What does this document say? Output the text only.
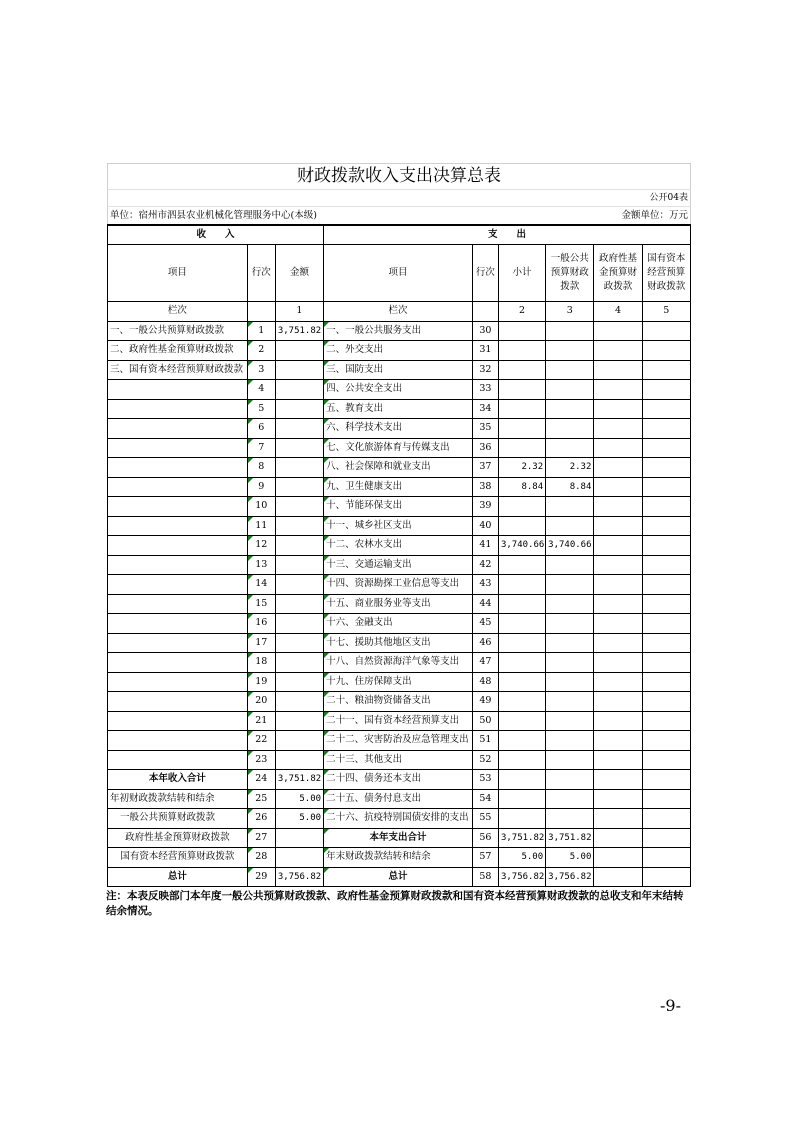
财政拨款收入支出决算总表
公开04表
单位：宿州市泗县农业机械化管理服务中心(本级)	金额单位：万元
收　　入			支　　出					
项目	行次	金额	项目	行次	小计	一般公共预算财政拨款	政府性基金预算财政拨款	国有资本经营预算财政拨款
栏次		1	栏次		2	3	4	5
一、一般公共预算财政拨款	1	3,751.82	一、一般公共服务支出	30				
二、政府性基金预算财政拨款	2		二、外交支出	31				
三、国有资本经营预算财政拨款	3		三、国防支出	32				
	4		四、公共安全支出	33				
	5		五、教育支出	34				
	6		六、科学技术支出	35				
	7		七、文化旅游体育与传媒支出	36				
	8		八、社会保障和就业支出	37	2.32	2.32		
	9		九、卫生健康支出	38	8.84	8.84		
	10		十、节能环保支出	39				
	11		十一、城乡社区支出	40				
	12		十二、农林水支出	41	3,740.66	3,740.66		
	13		十三、交通运输支出	42				
	14		十四、资源勘探工业信息等支出	43				
	15		十五、商业服务业等支出	44				
	16		十六、金融支出	45				
	17		十七、援助其他地区支出	46				
	18		十八、自然资源海洋气象等支出	47				
	19		十九、住房保障支出	48				
	20		二十、粮油物资储备支出	49				
	21		二十一、国有资本经营预算支出	50				
	22		二十二、灾害防治及应急管理支出	51				
	23		二十三、其他支出	52				
本年收入合计	24	3,751.82	二十四、债务还本支出	53				
年初财政拨款结转和结余	25	5.00	二十五、债务付息支出	54				
一般公共预算财政拨款	26	5.00	二十六、抗疫特别国债安排的支出	55				
政府性基金预算财政拨款	27		本年支出合计	56	3,751.82	3,751.82		
国有资本经营预算财政拨款	28		年末财政拨款结转和结余	57	5.00	5.00		
总计	29	3,756.82	总计	58	3,756.82	3,756.82		
注：本表反映部门本年度一般公共预算财政拨款、政府性基金预算财政拨款和国有资本经营预算财政拨款的总收支和年末结转结余情况。
-9-
